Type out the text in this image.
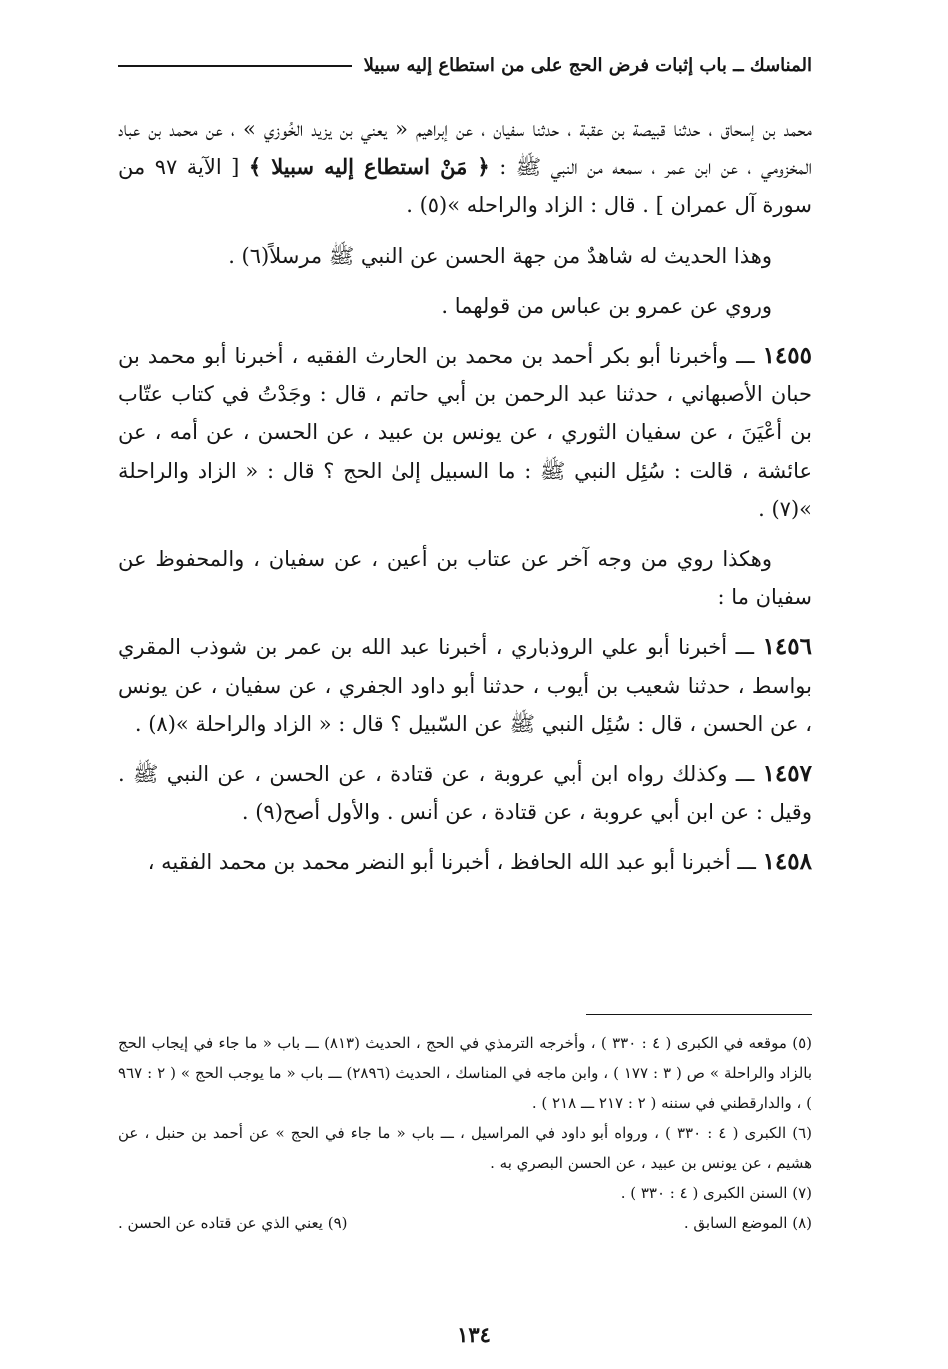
المناسك ــ باب إثبات فرض الحج على من استطاع إليه سبيلا

محمد بن إسحاق ، حدثنا قبيصة بن عقبة ، حدثنا سفيان ، عن إبراهيم « يعني بن يزيد الخُوزي » ، عن محمد بن عباد المخزومي ، عن ابن عمر ، سمعه من النبي ﷺ : ﴿ مَنْ استطاع إليه سبيلا ﴾ [ الآية ٩٧ من سورة آل عمران ] . قال : الزاد والراحله »(٥) .

وهذا الحديث له شاهدٌ من جهة الحسن عن النبي ﷺ مرسلاً(٦) .

وروي عن عمرو بن عباس من قولهما .

١٤٥٥ ـــ وأخبرنا أبو بكر أحمد بن محمد بن الحارث الفقيه ، أخبرنا أبو محمد بن حبان الأصبهاني ، حدثنا عبد الرحمن بن أبي حاتم ، قال : وجَدْتُ في كتاب عتّاب بن أعْيَنَ ، عن سفيان الثوري ، عن يونس بن عبيد ، عن الحسن ، عن أمه ، عن عائشة ، قالت : سُئِل النبي ﷺ : ما السبيل إلىٰ الحج ؟ قال : « الزاد والراحلة »(٧) .

وهكذا روي من وجه آخر عن عتاب بن أعين ، عن سفيان ، والمحفوظ عن سفيان ما :

١٤٥٦ ـــ أخبرنا أبو علي الروذباري ، أخبرنا عبد الله بن عمر بن شوذب المقري بواسط ، حدثنا شعيب بن أيوب ، حدثنا أبو داود الجفري ، عن سفيان ، عن يونس ، عن الحسن ، قال : سُئِل النبي ﷺ عن السّبيل ؟ قال : « الزاد والراحلة »(٨) .

١٤٥٧ ـــ وكذلك رواه ابن أبي عروبة ، عن قتادة ، عن الحسن ، عن النبي ﷺ . وقيل : عن ابن أبي عروبة ، عن قتادة ، عن أنس . والأول أصح(٩) .

١٤٥٨ ـــ أخبرنا أبو عبد الله الحافظ ، أخبرنا أبو النضر محمد بن محمد الفقيه ،

(٥) موقعه في الكبرى ( ٤ : ٣٣٠ ) ، وأخرجه الترمذي في الحج ، الحديث (٨١٣) ـــ باب « ما جاء في إيجاب الحج بالزاد والراحلة » ص ( ٣ : ١٧٧ ) ، وابن ماجه في المناسك ، الحديث (٢٨٩٦) ـــ باب « ما يوجب الحج » ( ٢ : ٩٦٧ ) ، والدارقطني في سننه ( ٢ : ٢١٧ ـــ ٢١٨ ) .

(٦) الكبرى ( ٤ : ٣٣٠ ) ، ورواه أبو داود في المراسيل ، ـــ باب « ما جاء في الحج » عن أحمد بن حنبل ، عن هشيم ، عن يونس بن عبيد ، عن الحسن البصري به .

(٧) السنن الكبرى ( ٤ : ٣٣٠ ) .

(٨) الموضع السابق .
(٩) يعني الذي عن قتاده عن الحسن .
١٣٤
